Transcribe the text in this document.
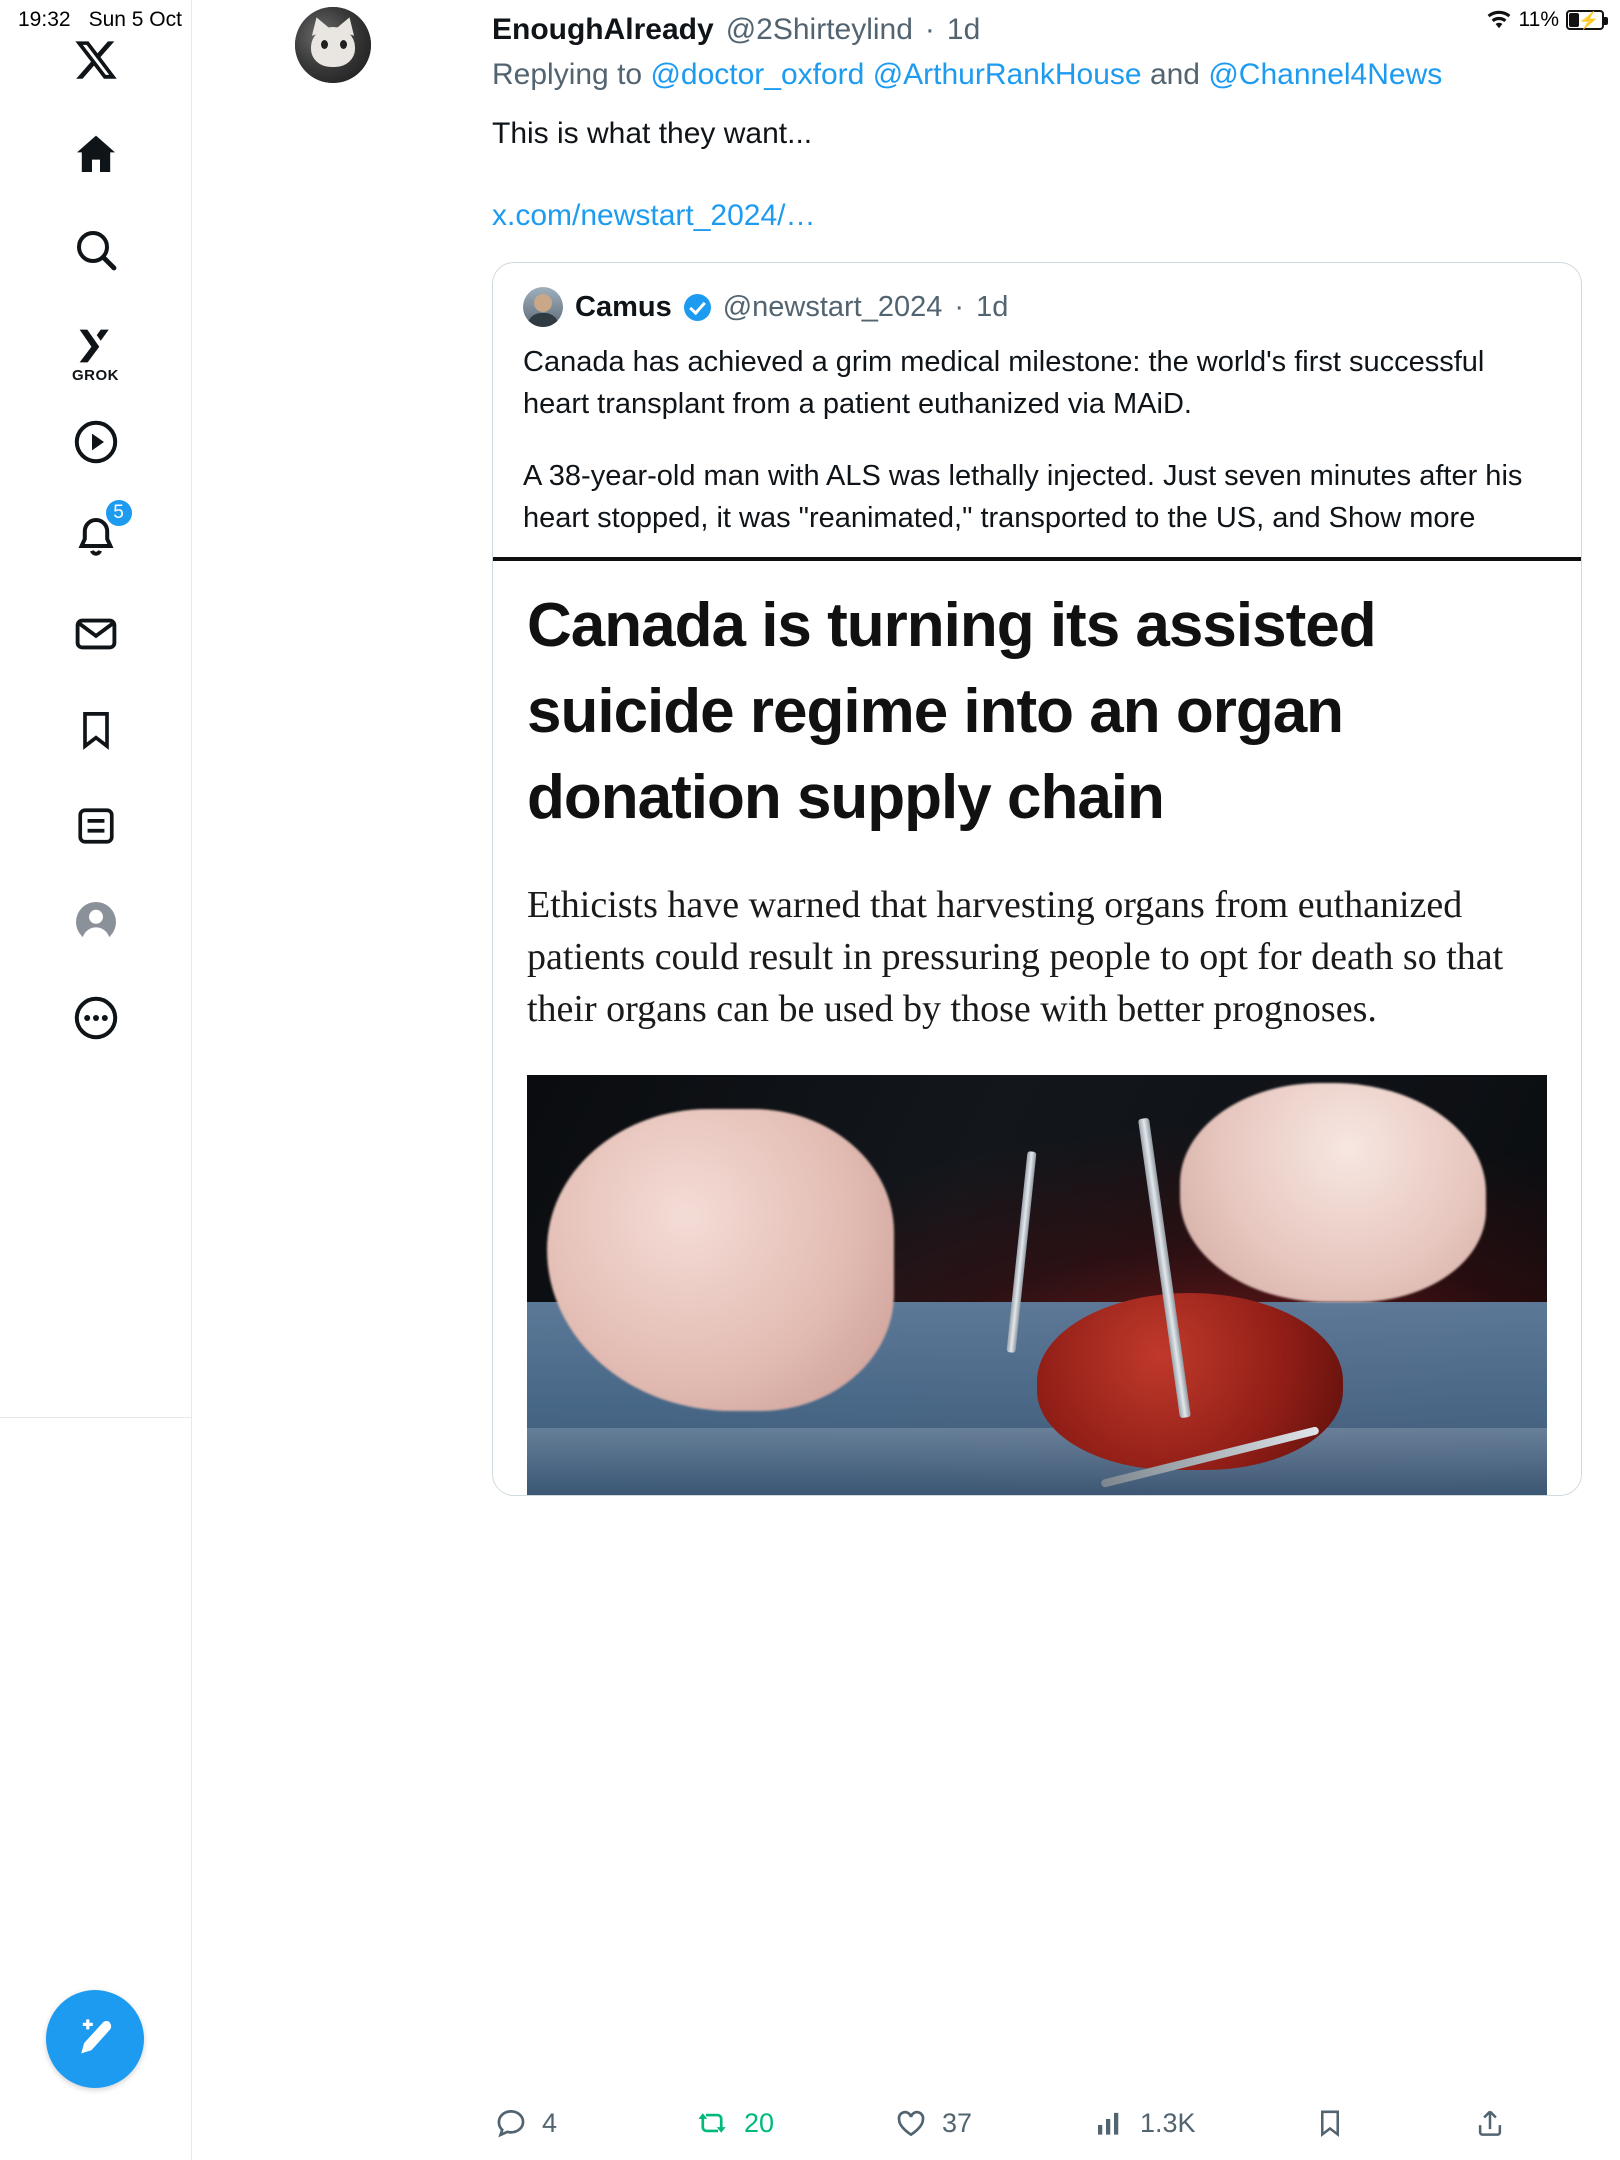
19:32 Sun 5 Oct	11% ⚡
GROK
5
EnoughAlready @2Shirteylind · 1d
Replying to @doctor_oxford @ArthurRankHouse and @Channel4News
This is what they want...
x.com/newstart_2024/…
Camus @newstart_2024 · 1d

Canada has achieved a grim medical milestone: the world's first successful heart transplant from a patient euthanized via MAiD.

A 38-year-old man with ALS was lethally injected. Just seven minutes after his heart stopped, it was "reanimated," transported to the US, and Show more

Canada is turning its assisted suicide regime into an organ donation supply chain
Ethicists have warned that harvesting organs from euthanized patients could result in pressuring people to opt for death so that their organs can be used by those with better prognoses.
4	20	37	1.3K
